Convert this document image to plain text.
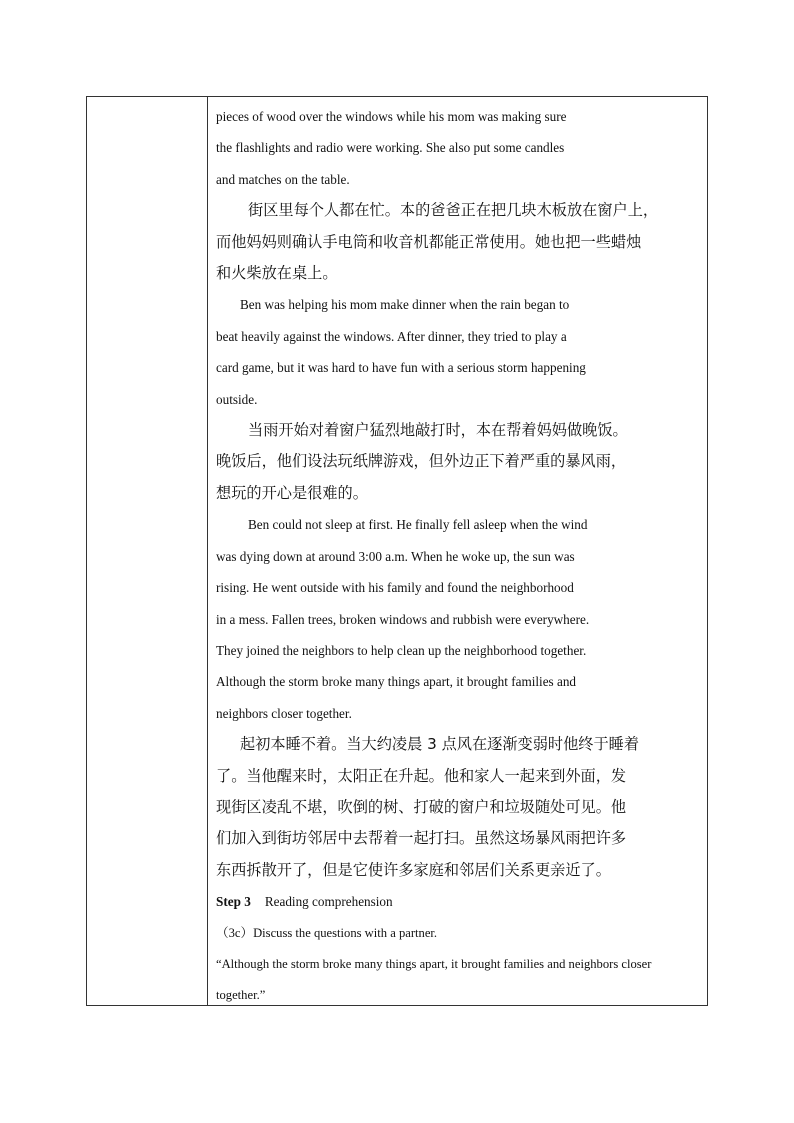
pieces of wood over the windows while his mom was making sure

the flashlights and radio were working. She also put some candles

and matches on the table.

街区里每个人都在忙。本的爸爸正在把几块木板放在窗户上，

而他妈妈则确认手电筒和收音机都能正常使用。她也把一些蜡烛

和火柴放在桌上。

Ben was helping his mom make dinner when the rain began to

beat heavily against the windows. After dinner, they tried to play a

card game, but it was hard to have fun with a serious storm happening

outside.

当雨开始对着窗户猛烈地敲打时，本在帮着妈妈做晚饭。

晚饭后，他们设法玩纸牌游戏，但外边正下着严重的暴风雨，

想玩的开心是很难的。

Ben could not sleep at first. He finally fell asleep when the wind

was dying down at around 3:00 a.m. When he woke up, the sun was

rising. He went outside with his family and found the neighborhood

in a mess. Fallen trees, broken windows and rubbish were everywhere.

They joined the neighbors to help clean up the neighborhood together.

Although the storm broke many things apart, it brought families and

neighbors closer together.

起初本睡不着。当大约凌晨 3 点风在逐渐变弱时他终于睡着

了。当他醒来时，太阳正在升起。他和家人一起来到外面，发

现街区凌乱不堪，吹倒的树、打破的窗户和垃圾随处可见。他

们加入到街坊邻居中去帮着一起打扫。虽然这场暴风雨把许多

东西拆散开了，但是它使许多家庭和邻居们关系更亲近了。

Step 3 Reading comprehension

（3c）Discuss the questions with a partner.

“Although the storm broke many things apart, it brought families and neighbors closer

together.”
